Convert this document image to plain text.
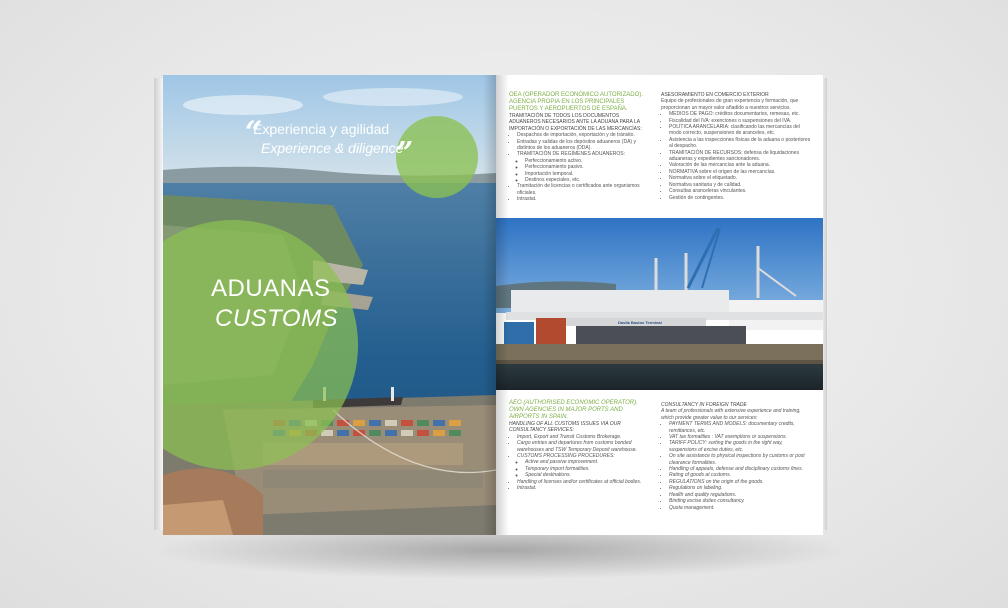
“
Experiencia y agilidad
Experience & diligence
”
ADUANAS
CUSTOMS
OEA (OPERADOR ECONÓMICO AUTORIZADO). AGENCIA PROPIA EN LOS PRINCIPALES PUERTOS Y AEROPUERTOS DE ESPAÑA.
TRAMITACIÓN DE TODOS LOS DOCUMENTOS ADUANEROS NECESARIOS ANTE LA ADUANA PARA LA IMPORTACIÓN O EXPORTACIÓN DE LAS MERCANCÍAS:
• Despachos de importación, exportación y de tránsito.
• Entradas y salidas de los depósitos aduaneros (DA) y distintos de los aduaneros (DDA).
• TRAMITACIÓN DE REGÍMENES ADUANEROS:
◦ Perfeccionamiento activo.
◦ Perfeccionamiento pasivo.
◦ Importación temporal.
◦ Destinos especiales, etc.
• Tramitación de licencias o certificados ante organismos oficiales.
• Intrastat.
ASESORAMIENTO EN COMERCIO EXTERIOR
Equipo de profesionales de gran experiencia y formación, que proporcionan un mayor valor añadido a nuestros servicios.
• MEDIOS DE PAGO: créditos documentarios, remesas, etc.
• Fiscalidad del IVA: exenciones o suspensiones del IVA.
• POLÍTICA ARANCELARIA: clasificando las mercancías del modo correcto, suspensiones de aranceles, etc.
• Asistencia a las inspecciones físicas de la aduana o posteriores al despacho.
• TRAMITACIÓN DE RECURSOS: defensa de liquidaciones aduaneras y expedientes sancionadores.
• Valoración de las mercancías ante la aduana.
• NORMATIVA sobre el origen de las mercancías.
• Normativa sobre el etiquetado.
• Normativa sanitaria y de calidad.
• Consultas aranceleras vinculantes.
• Gestión de contingentes.
Davila Bastos Terminal
AEO (AUTHORISED ECONOMIC OPERATOR). OWN AGENCIES IN MAJOR PORTS AND AIRPORTS IN SPAIN.
HANDLING OF ALL CUSTOMS ISSUES VIA OUR CONSULTANCY SERVICES:
• Import, Export and Transit Customs Brokerage.
• Cargo entries and departures from customs bonded warehouses and TSW Temporary Deposit warehouse.
• CUSTOMS PROCESSING PROCEDURES:
◦ Active and passive improvement.
◦ Temporary import formalities.
◦ Special destinations.
• Handling of licenses and/or certificates at official bodies.
• Intrastat.
CONSULTANCY IN FOREIGN TRADE
A team of professionals with extensive experience and training, which provide greater value to our services:
• PAYMENT TERMS AND MODELS: documentary credits, remittances, etc.
• VAT tax formalities : VAT exemptions or suspensions.
• TARIFF POLICY: sorting the goods in the right way, suspensions of excise duties, etc.
• On site assistance to physical inspections by customs or post clearance formalities.
• Handling of appeals, defense and disciplinary customs fines.
• Rating of goods at customs.
• REGULATIONS on the origin of the goods.
• Regulations on labeling.
• Health and quality regulations.
• Binding excise duties consultancy.
• Quota management.
